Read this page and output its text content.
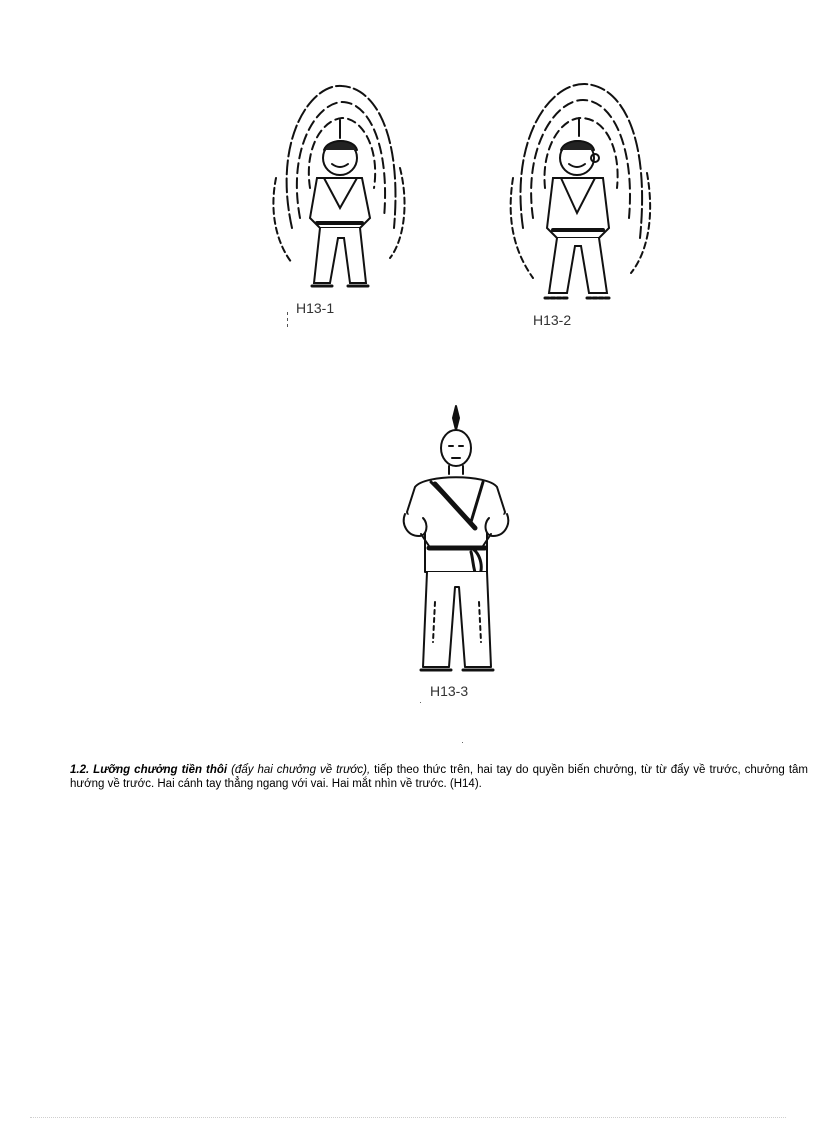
H13-1
H13-2
H13-3
1.2. Lưỡng chưởng tiền thôi (đẩy hai chưởng về trước), tiếp theo thức trên, hai tay do quyền biến chưởng, từ từ đẩy về trước, chưởng tâm hướng về trước. Hai cánh tay thẳng ngang với vai. Hai mắt nhìn về trước. (H14).
